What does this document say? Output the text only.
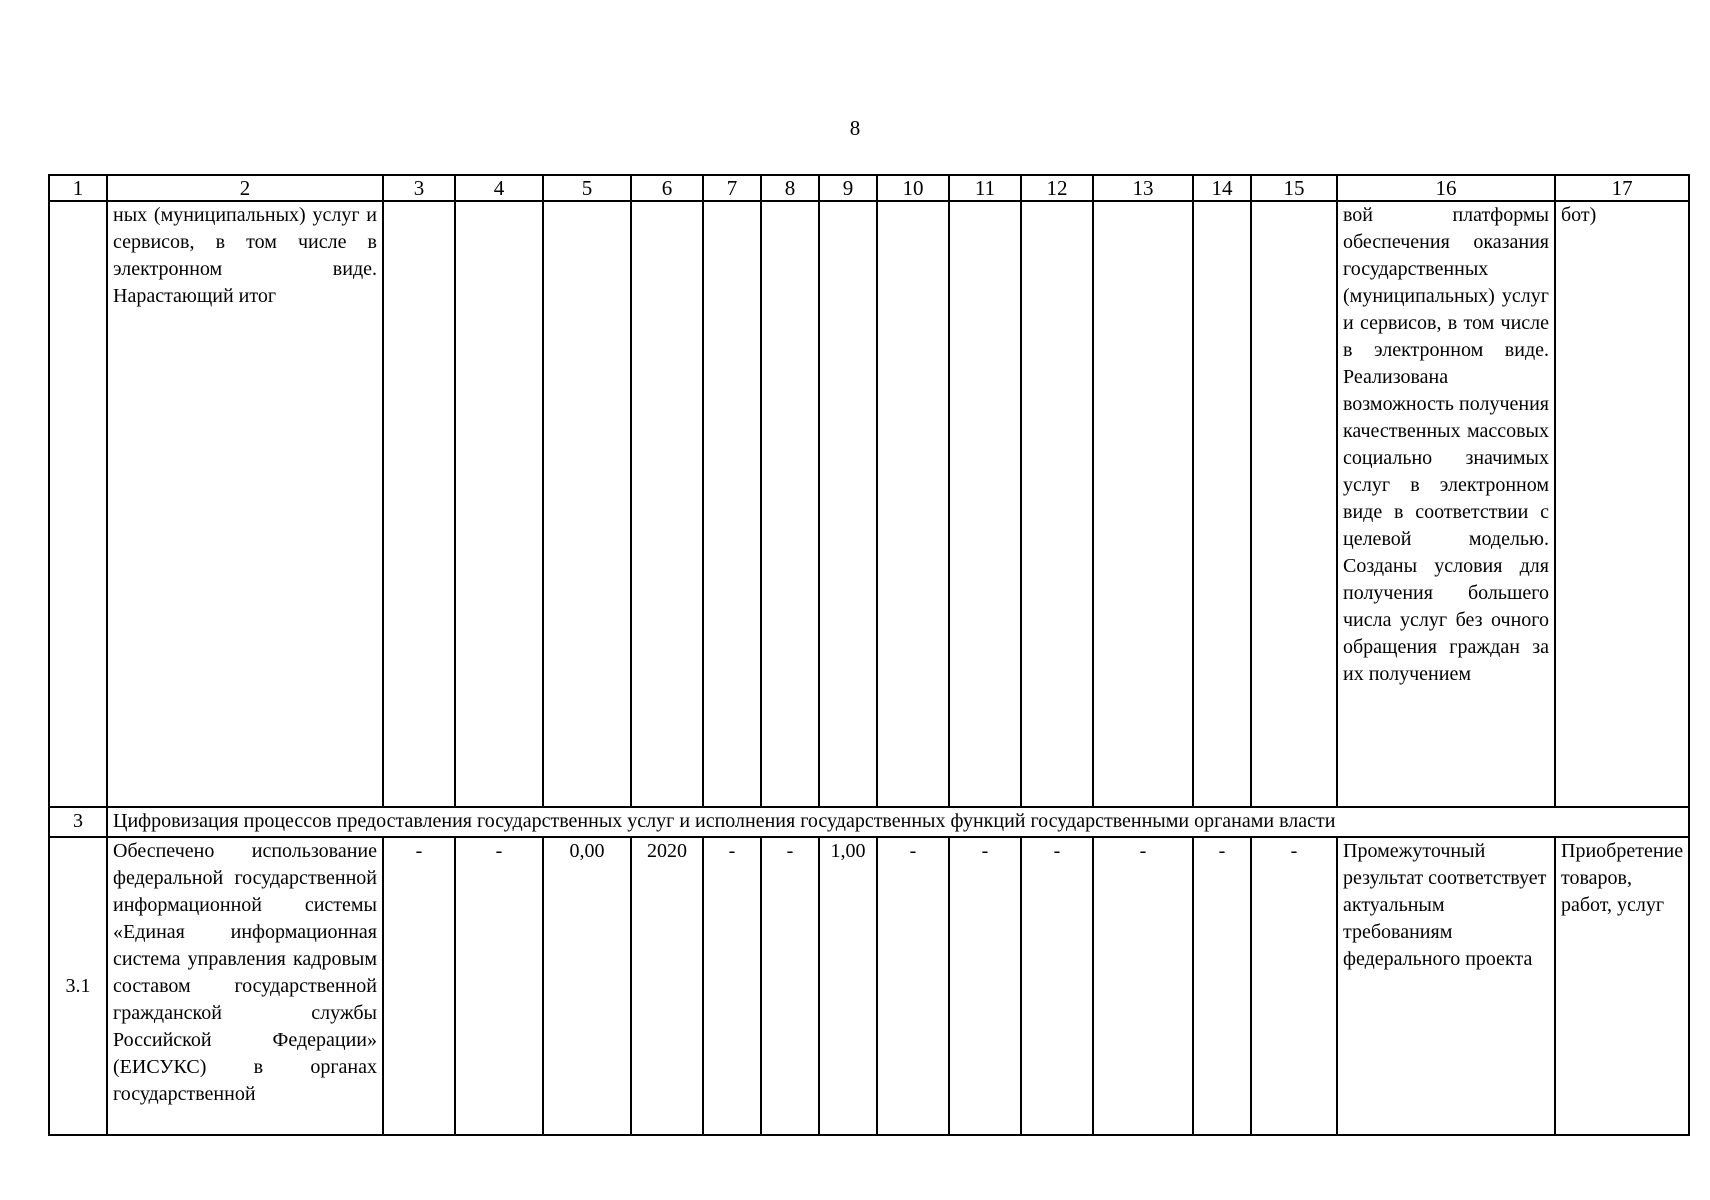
8
1	2	3	4	5	6	7	8	9	10	11	12	13	14	15	16	17
	ных (муниципальных) услуг и сервисов, в том числе в электронном виде. Нарастающий итог														вой платформы обеспечения оказания государственных (муниципальных) услуг и сервисов, в том числе в электронном виде. Реализована возможность получения качественных массовых социально значимых услуг в электронном виде в соответствии с целевой моделью. Созданы условия для получения большего числа услуг без очного обращения граждан за их получением	бот)
3	Цифровизация процессов предоставления государственных услуг и исполнения государственных функций государственными органами власти															
3.1	Обеспечено использование федеральной государственной информационной системы «Единая информационная система управления кадровым составом государственной гражданской службы Российской Федерации» (ЕИСУКС) в органах государственной	-	-	0,00	2020	-	-	1,00	-	-	-	-	-	-	Промежуточный результат соответствует актуальным требованиям федерального проекта	Приобретение товаров, работ, услуг
